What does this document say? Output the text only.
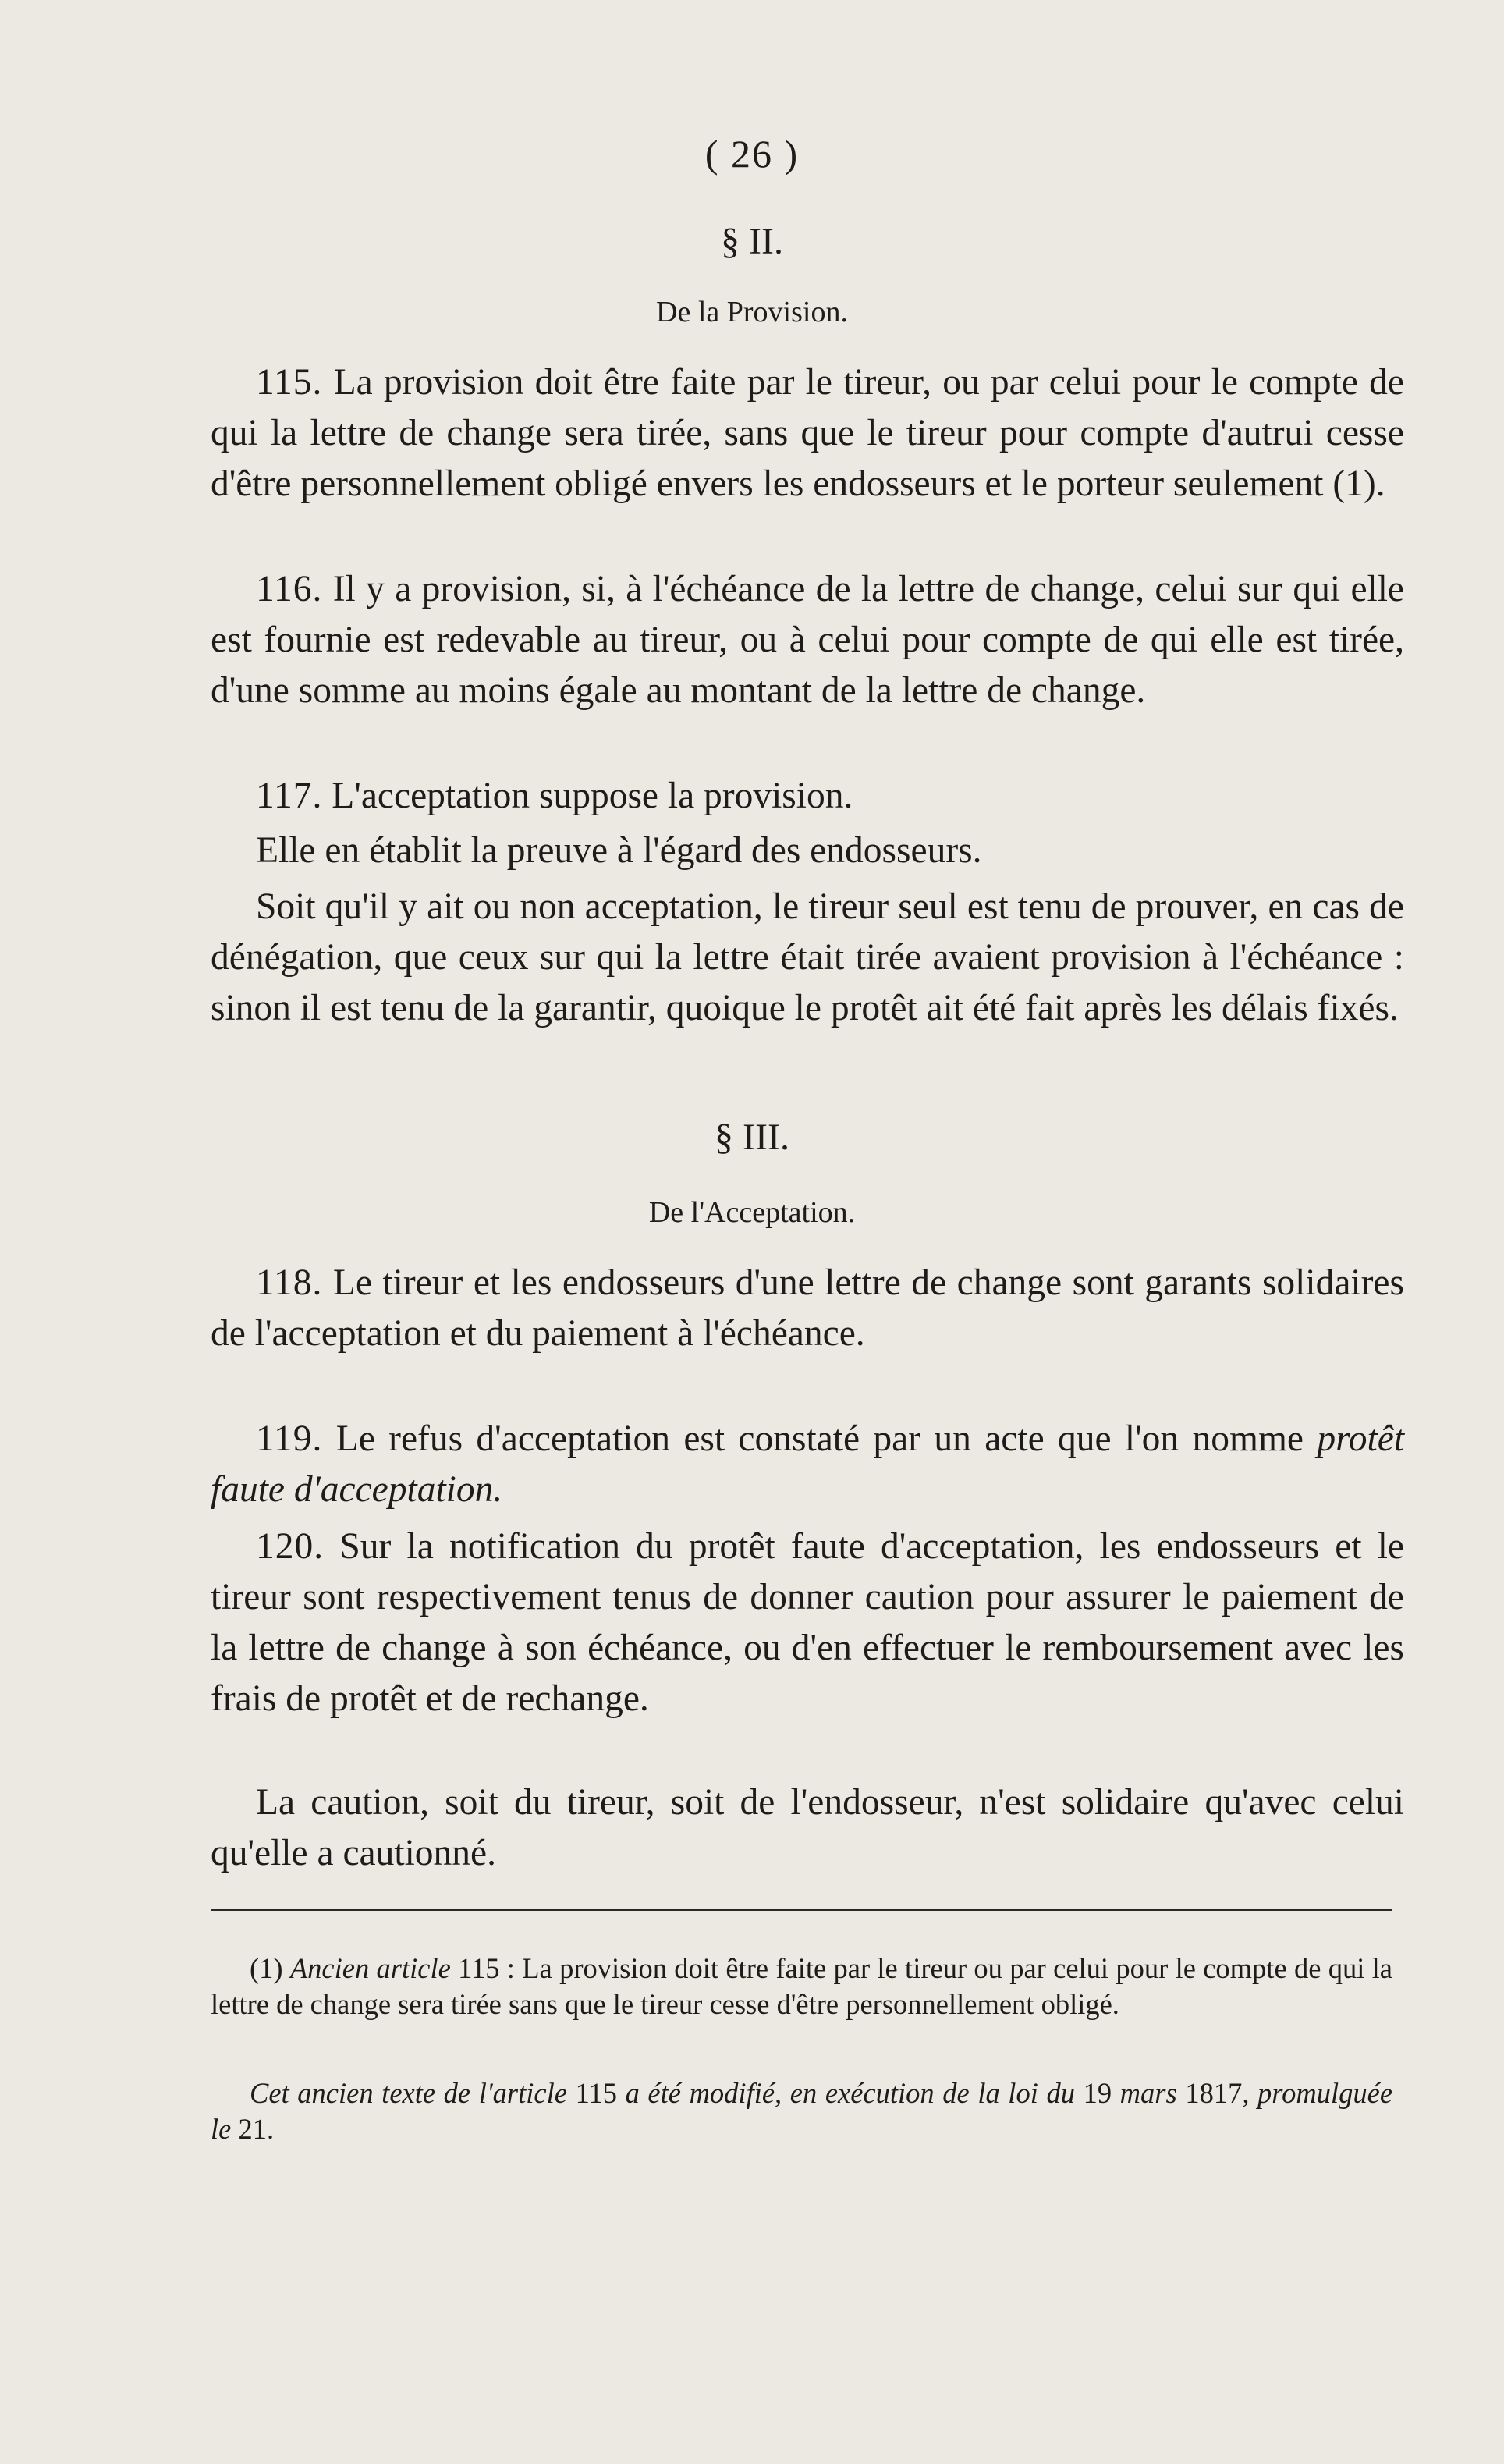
( 26 )
§ II.
De la Provision.
115. La provision doit être faite par le tireur, ou par celui pour le compte de qui la lettre de change sera tirée, sans que le tireur pour compte d'autrui cesse d'être personnellement obligé envers les endosseurs et le porteur seulement (1).
116. Il y a provision, si, à l'échéance de la lettre de change, celui sur qui elle est fournie est redevable au tireur, ou à celui pour compte de qui elle est tirée, d'une somme au moins égale au montant de la lettre de change.
117. L'acceptation suppose la provision.
Elle en établit la preuve à l'égard des endosseurs.
Soit qu'il y ait ou non acceptation, le tireur seul est tenu de prouver, en cas de dénégation, que ceux sur qui la lettre était tirée avaient provision à l'échéance : sinon il est tenu de la garantir, quoique le protêt ait été fait après les délais fixés.
§ III.
De l'Acceptation.
118. Le tireur et les endosseurs d'une lettre de change sont garants solidaires de l'acceptation et du paiement à l'échéance.
119. Le refus d'acceptation est constaté par un acte que l'on nomme protêt faute d'acceptation.
120. Sur la notification du protêt faute d'acceptation, les endosseurs et le tireur sont respectivement tenus de donner caution pour assurer le paiement de la lettre de change à son échéance, ou d'en effectuer le remboursement avec les frais de protêt et de rechange.
La caution, soit du tireur, soit de l'endosseur, n'est solidaire qu'avec celui qu'elle a cautionné.
(1) Ancien article 115 : La provision doit être faite par le tireur ou par celui pour le compte de qui la lettre de change sera tirée sans que le tireur cesse d'être personnellement obligé.
Cet ancien texte de l'article 115 a été modifié, en exécution de la loi du 19 mars 1817, promulguée le 21.
